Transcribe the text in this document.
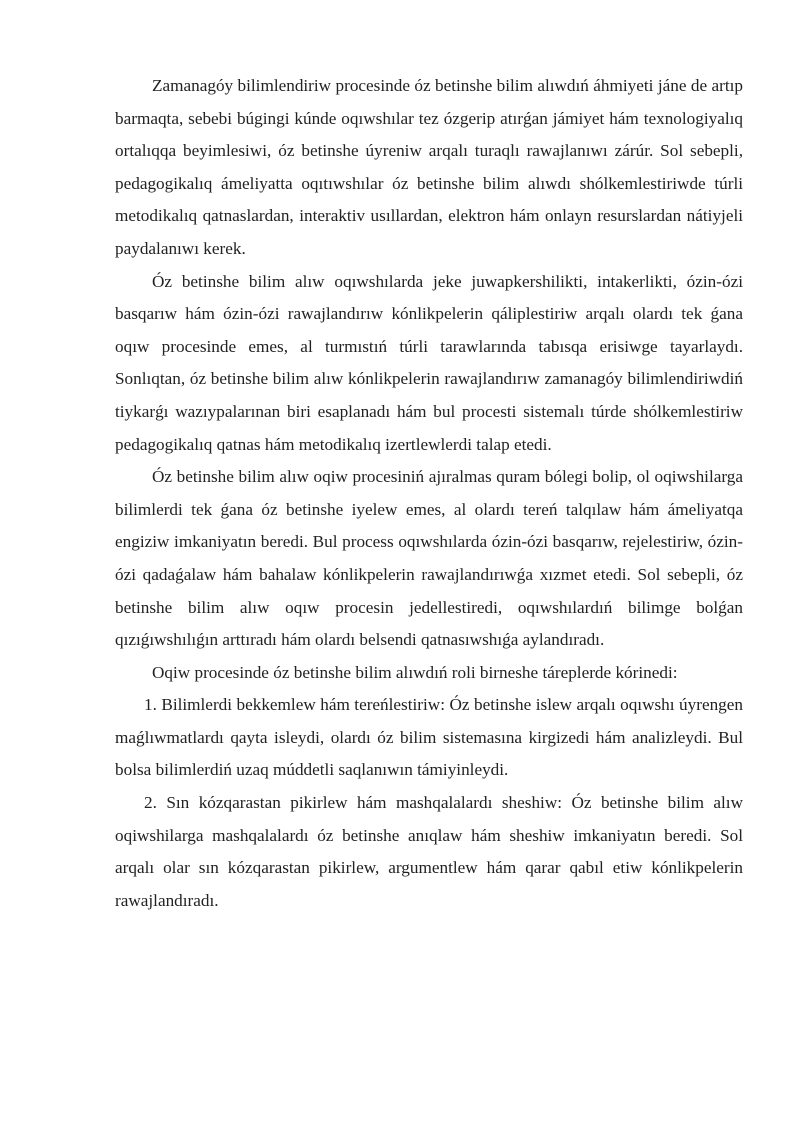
Zamanagóy bilimlendiriw procesinde óz betinshe bilim alıwdıń áhmiyeti jáne de artıp barmaqta, sebebi búgingi kúnde oqıwshılar tez ózgerip atırǵan jámiyet hám texnologiyalıq ortalıqqa beyimlesiwi, óz betinshe úyreniw arqalı turaqlı rawajlanıwı zárúr. Sol sebepli, pedagogikalıq ámeliyatta oqıtıwshılar óz betinshe bilim alıwdı shólkemlestiriwde túrli metodikalıq qatnaslardan, interaktiv usıllardan, elektron hám onlayn resurslardan nátiyjeli paydalanıwı kerek.

Óz betinshe bilim alıw oqıwshılarda jeke juwapkershilikti, intakerlikti, ózin-ózi basqarıw hám ózin-ózi rawajlandırıw kónlikpelerin qáliplestiriw arqalı olardı tek ǵana oqıw procesinde emes, al turmıstıń túrli tarawlarında tabısqa erisiwge tayarlaydı. Sonlıqtan, óz betinshe bilim alıw kónlikpelerin rawajlandırıw zamanagóy bilimlendiriwdiń tiykarǵı wazıypalarınan biri esaplanadı hám bul procesti sistemalı túrde shólkemlestiriw pedagogikalıq qatnas hám metodikalıq izertlewlerdi talap etedi.

Óz betinshe bilim alıw oqiw procesiniń ajıralmas quram bólegi bolip, ol oqiwshilarga bilimlerdi tek ǵana óz betinshe iyelew emes, al olardı tereń talqılaw hám ámeliyatqa engiziw imkaniyatın beredi. Bul process oqıwshılarda ózin-ózi basqarıw, rejelestiriw, ózin-ózi qadaǵalaw hám bahalaw kónlikpelerin rawajlandırıwǵa xızmet etedi. Sol sebepli, óz betinshe bilim alıw oqıw procesin jedellestiredi, oqıwshılardıń bilimge bolǵan qızıǵıwshılıǵın arttıradı hám olardı belsendi qatnasıwshıǵa aylandıradı.

Oqiw procesinde óz betinshe bilim alıwdıń roli birneshe táreplerde kórinedi:

1. Bilimlerdi bekkemlew hám tereńlestiriw: Óz betinshe islew arqalı oqıwshı úyrengen maǵlıwmatlardı qayta isleydi, olardı óz bilim sistemasına kirgizedi hám analizleydi. Bul bolsa bilimlerdiń uzaq múddetli saqlanıwın támiyinleydi.

2. Sın kózqarastan pikirlew hám mashqalalardı sheshiw: Óz betinshe bilim alıw oqiwshilarga mashqalalardı óz betinshe anıqlaw hám sheshiw imkaniyatın beredi. Sol arqalı olar sın kózqarastan pikirlew, argumentlew hám qarar qabıl etiw kónlikpelerin rawajlandıradı.
